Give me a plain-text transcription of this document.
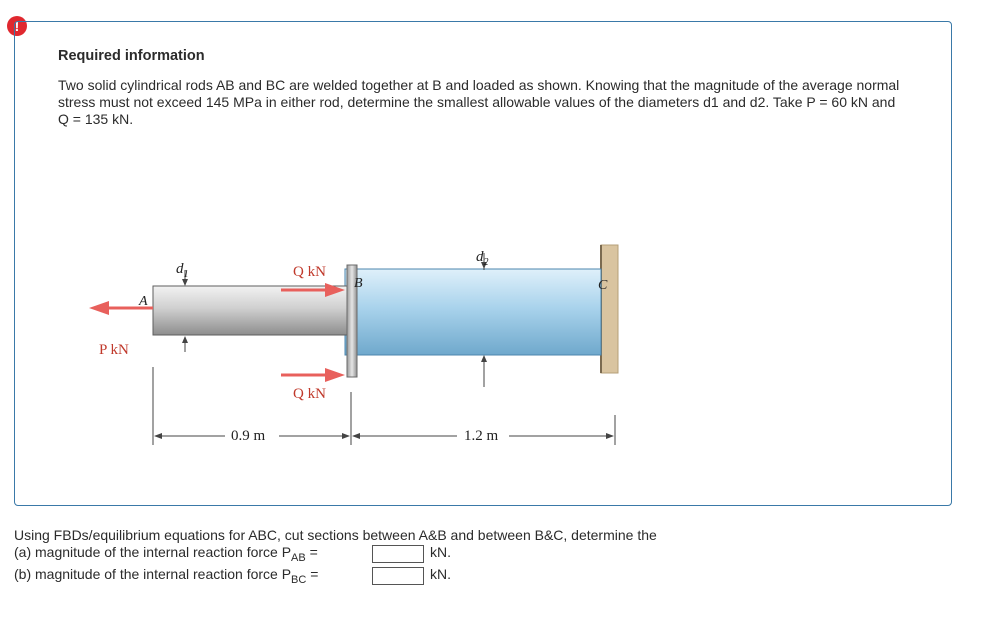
!
Required information

Two solid cylindrical rods AB and BC are welded together at B and loaded as shown. Knowing that the magnitude of the average normal stress must not exceed 145 MPa in either rod, determine the smallest allowable values of the diameters d1 and d2. Take P = 60 kN and Q = 135 kN.

$d_1$
$d_2$
A
B	C
P kN
Q kN
Q kN
0.9 m	1.2 m
Using FBDs/equilibrium equations for ABC, cut sections between A&B and between B&C, determine the
(a) magnitude of the internal reaction force $P_{AB}$ =	kN.
(b) magnitude of the internal reaction force $P_{BC}$ =	kN.
